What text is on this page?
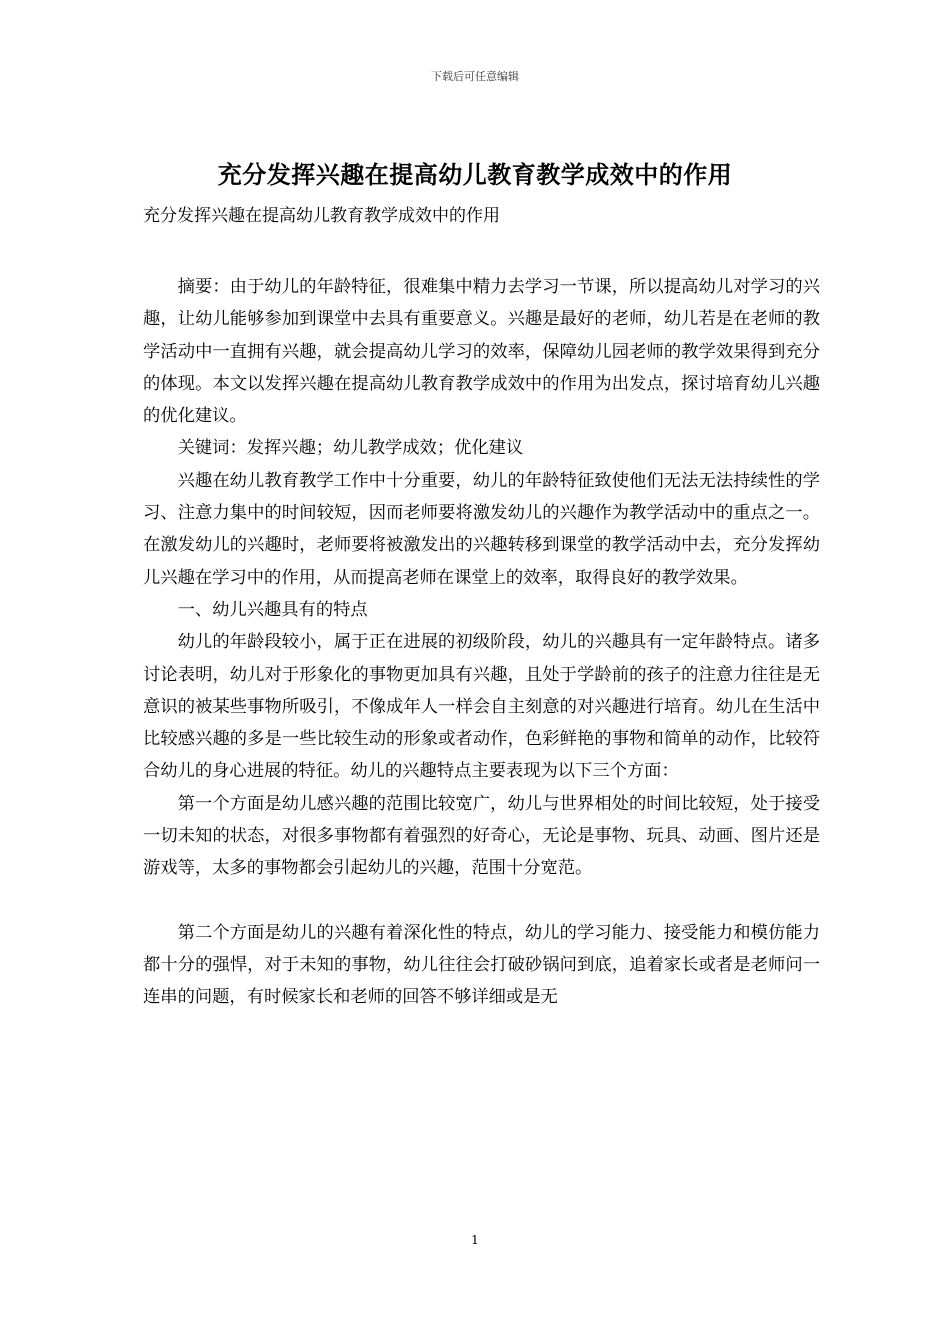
下载后可任意编辑
充分发挥兴趣在提高幼儿教育教学成效中的作用
充分发挥兴趣在提高幼儿教育教学成效中的作用

摘要：由于幼儿的年龄特征，很难集中精力去学习一节课，所以提高幼儿对学习的兴趣，让幼儿能够参加到课堂中去具有重要意义。兴趣是最好的老师，幼儿若是在老师的教学活动中一直拥有兴趣，就会提高幼儿学习的效率，保障幼儿园老师的教学效果得到充分的体现。本文以发挥兴趣在提高幼儿教育教学成效中的作用为出发点，探讨培育幼儿兴趣的优化建议。

关键词：发挥兴趣；幼儿教学成效；优化建议

兴趣在幼儿教育教学工作中十分重要，幼儿的年龄特征致使他们无法无法持续性的学习、注意力集中的时间较短，因而老师要将激发幼儿的兴趣作为教学活动中的重点之一。在激发幼儿的兴趣时，老师要将被激发出的兴趣转移到课堂的教学活动中去，充分发挥幼儿兴趣在学习中的作用，从而提高老师在课堂上的效率，取得良好的教学效果。

一、幼儿兴趣具有的特点

幼儿的年龄段较小，属于正在进展的初级阶段，幼儿的兴趣具有一定年龄特点。诸多讨论表明，幼儿对于形象化的事物更加具有兴趣，且处于学龄前的孩子的注意力往往是无意识的被某些事物所吸引，不像成年人一样会自主刻意的对兴趣进行培育。幼儿在生活中比较感兴趣的多是一些比较生动的形象或者动作，色彩鲜艳的事物和简单的动作，比较符合幼儿的身心进展的特征。幼儿的兴趣特点主要表现为以下三个方面：

第一个方面是幼儿感兴趣的范围比较宽广，幼儿与世界相处的时间比较短，处于接受一切未知的状态，对很多事物都有着强烈的好奇心，无论是事物、玩具、动画、图片还是游戏等，太多的事物都会引起幼儿的兴趣，范围十分宽范。

第二个方面是幼儿的兴趣有着深化性的特点，幼儿的学习能力、接受能力和模仿能力都十分的强悍，对于未知的事物，幼儿往往会打破砂锅问到底，追着家长或者是老师问一连串的问题，有时候家长和老师的回答不够详细或是无

1
